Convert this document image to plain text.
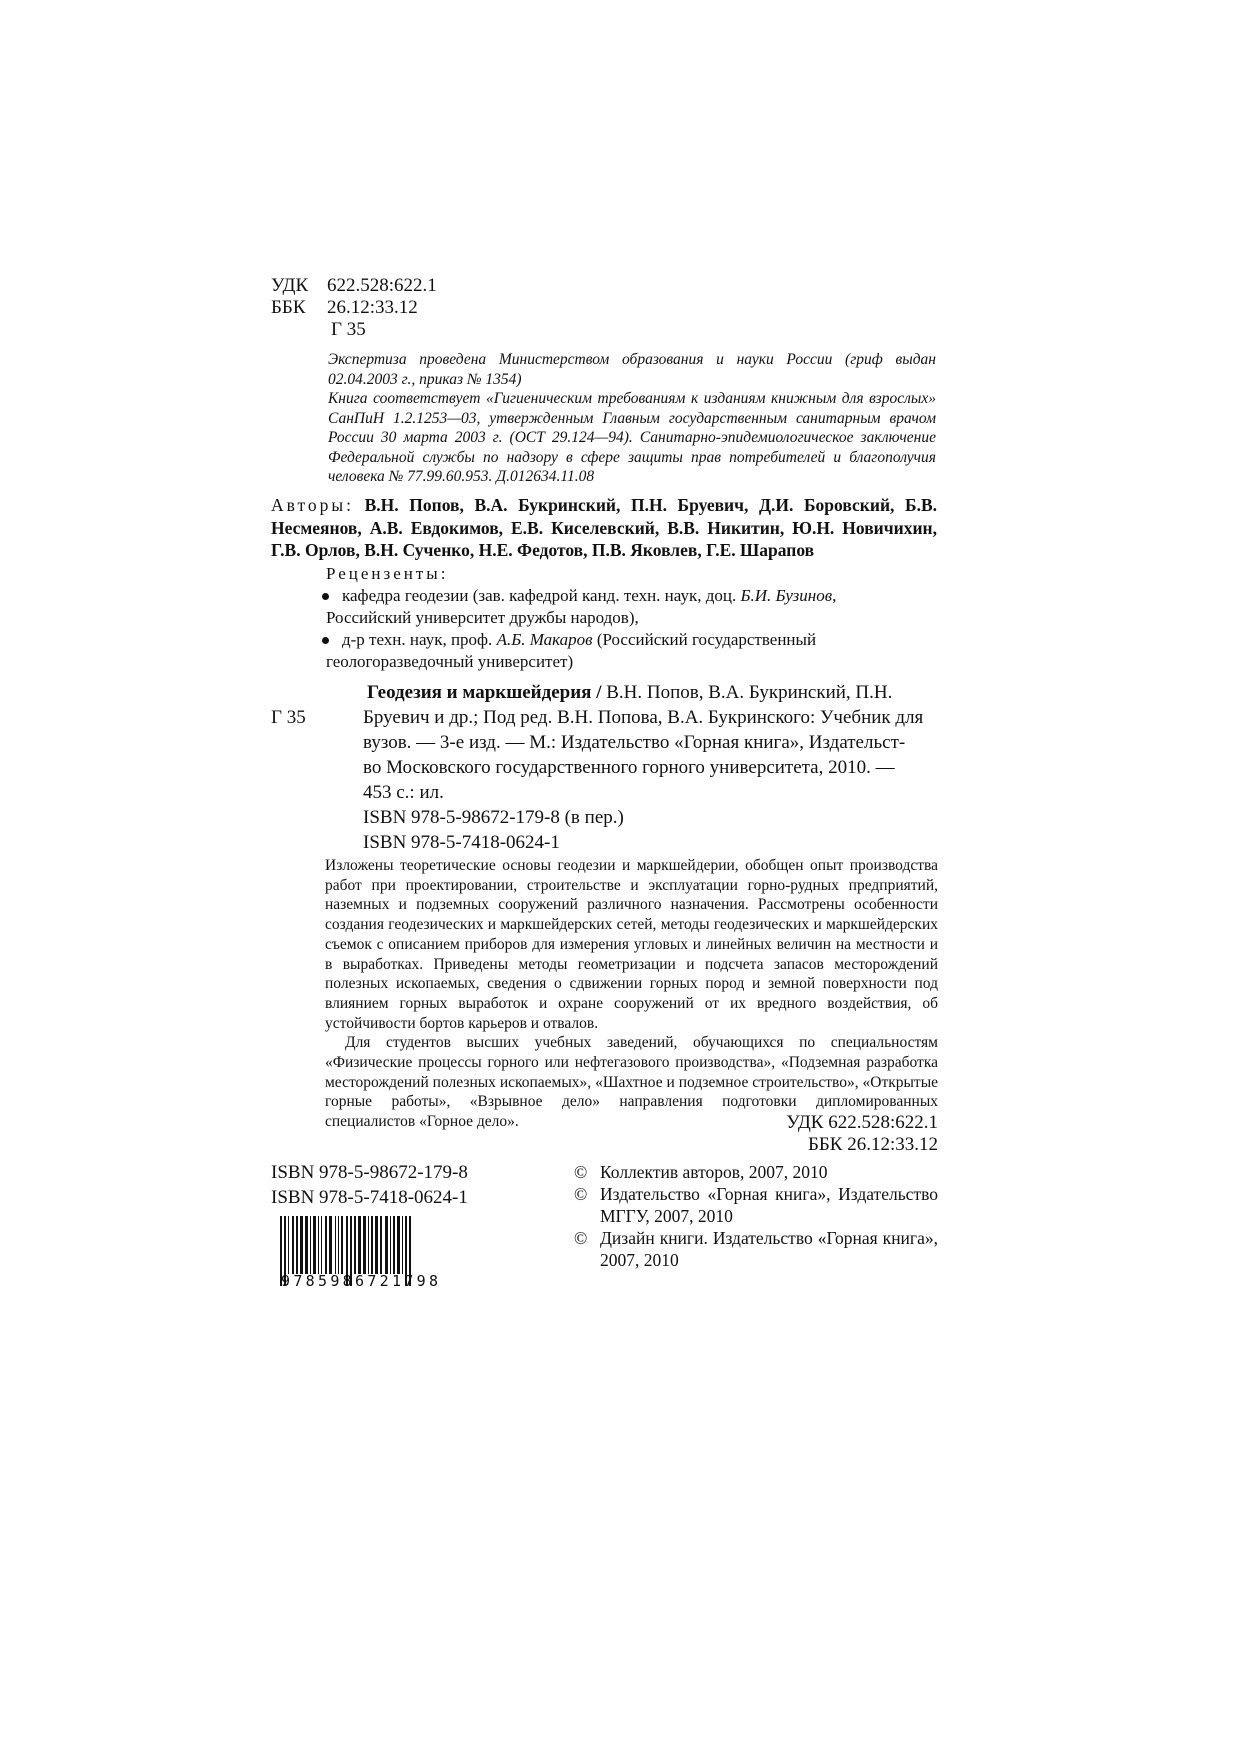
УДК 622.528:622.1
ББК 26.12:33.12
Г 35

Экспертиза проведена Министерством образования и науки России (гриф выдан 02.04.2003 г., приказ № 1354)

Книга соответствует «Гигиеническим требованиям к изданиям книжным для взрослых» СанПиН 1.2.1253—03, утвержденным Главным государственным санитарным врачом России 30 марта 2003 г. (ОСТ 29.124—94). Санитарно-эпидемиологическое заключение Федеральной службы по надзору в сфере защиты прав потребителей и благополучия человека № 77.99.60.953. Д.012634.11.08

Авторы: В.Н. Попов, В.А. Букринский, П.Н. Бруевич, Д.И. Боровский, Б.В. Несмеянов, А.В. Евдокимов, Е.В. Киселевский, В.В. Никитин, Ю.Н. Новичихин, Г.В. Орлов, В.Н. Сученко, Н.Е. Федотов, П.В. Яковлев, Г.Е. Шарапов
Рецензенты:
кафедра геодезии (зав. кафедрой канд. техн. наук, доц. Б.И. Бузинов,
Российский университет дружбы народов),
д-р техн. наук, проф. А.Б. Макаров (Российский государственный
геологоразведочный университет)
Геодезия и маркшейдерия / В.Н. Попов, В.А. Букринский, П.Н.
Г 35	Бруевич и др.; Под ред. В.Н. Попова, В.А. Букринского: Учебник для
вузов. — 3-е изд. — М.: Издательство «Горная книга», Издательст-
во Московского государственного горного университета, 2010. —
453 с.: ил.
ISBN 978-5-98672-179-8 (в пер.)
ISBN 978-5-7418-0624-1

Изложены теоретические основы геодезии и маркшейдерии, обобщен опыт производства работ при проектировании, строительстве и эксплуатации горно-рудных предприятий, наземных и подземных сооружений различного назначения. Рассмотрены особенности создания геодезических и маркшейдерских сетей, методы геодезических и маркшейдерских съемок с описанием приборов для измерения угловых и линейных величин на местности и в выработках. Приведены методы геометризации и подсчета запасов месторождений полезных ископаемых, сведения о сдвижении горных пород и земной поверхности под влиянием горных выработок и охране сооружений от их вредного воздействия, об устойчивости бортов карьеров и отвалов.

Для студентов высших учебных заведений, обучающихся по специальностям «Физические процессы горного или нефтегазового производства», «Подземная разработка месторождений полезных ископаемых», «Шахтное и подземное строительство», «Открытые горные работы», «Взрывное дело» направления подготовки дипломированных специалистов «Горное дело».	УДК 622.528:622.1
ББК 26.12:33.12
ISBN 978-5-98672-179-8
ISBN 978-5-7418-0624-1
© Коллектив авторов, 2007, 2010
© Издательство «Горная книга», Издательство МГГУ, 2007, 2010
© Дизайн книги. Издательство «Горная книга», 2007, 2010
9785986721798
